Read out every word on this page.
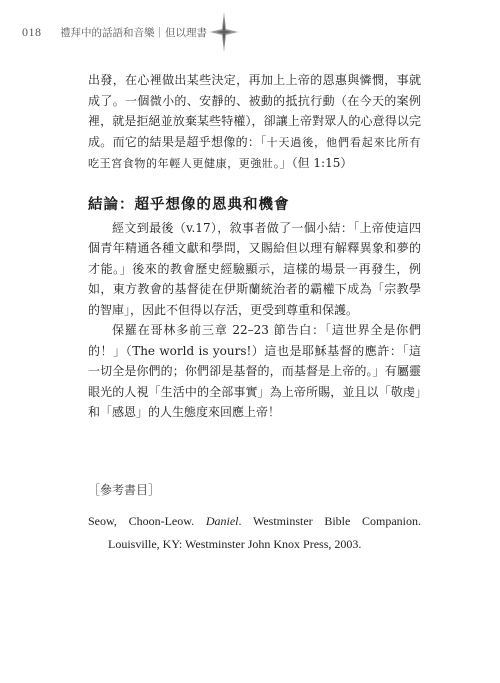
018 禮拜中的話語和音樂｜但以理書

出發，在心裡做出某些決定，再加上上帝的恩惠與憐憫，事就成了。一個微小的、安靜的、被動的抵抗行動（在今天的案例裡，就是拒絕並放棄某些特權），卻讓上帝對眾人的心意得以完成。而它的結果是超乎想像的：「十天過後，他們看起來比所有吃王宮食物的年輕人更健康，更強壯。」（但 1:15）

結論：超乎想像的恩典和機會

經文到最後（v.17），敘事者做了一個小結：「上帝使這四個青年精通各種文獻和學問，又賜給但以理有解釋異象和夢的才能。」後來的教會歷史經驗顯示，這樣的場景一再發生，例如，東方教會的基督徒在伊斯蘭統治者的霸權下成為「宗教學的智庫」，因此不但得以存活，更受到尊重和保護。

保羅在哥林多前三章 22–23 節告白：「這世界全是你們的！」（The world is yours!）這也是耶穌基督的應許：「這一切全是你們的；你們卻是基督的，而基督是上帝的。」有屬靈眼光的人視「生活中的全部事實」為上帝所賜，並且以「敬虔」和「感恩」的人生態度來回應上帝！

［參考書目］

Seow, Choon-Leow. Daniel. Westminster Bible Companion. Louisville, KY: Westminster John Knox Press, 2003.
